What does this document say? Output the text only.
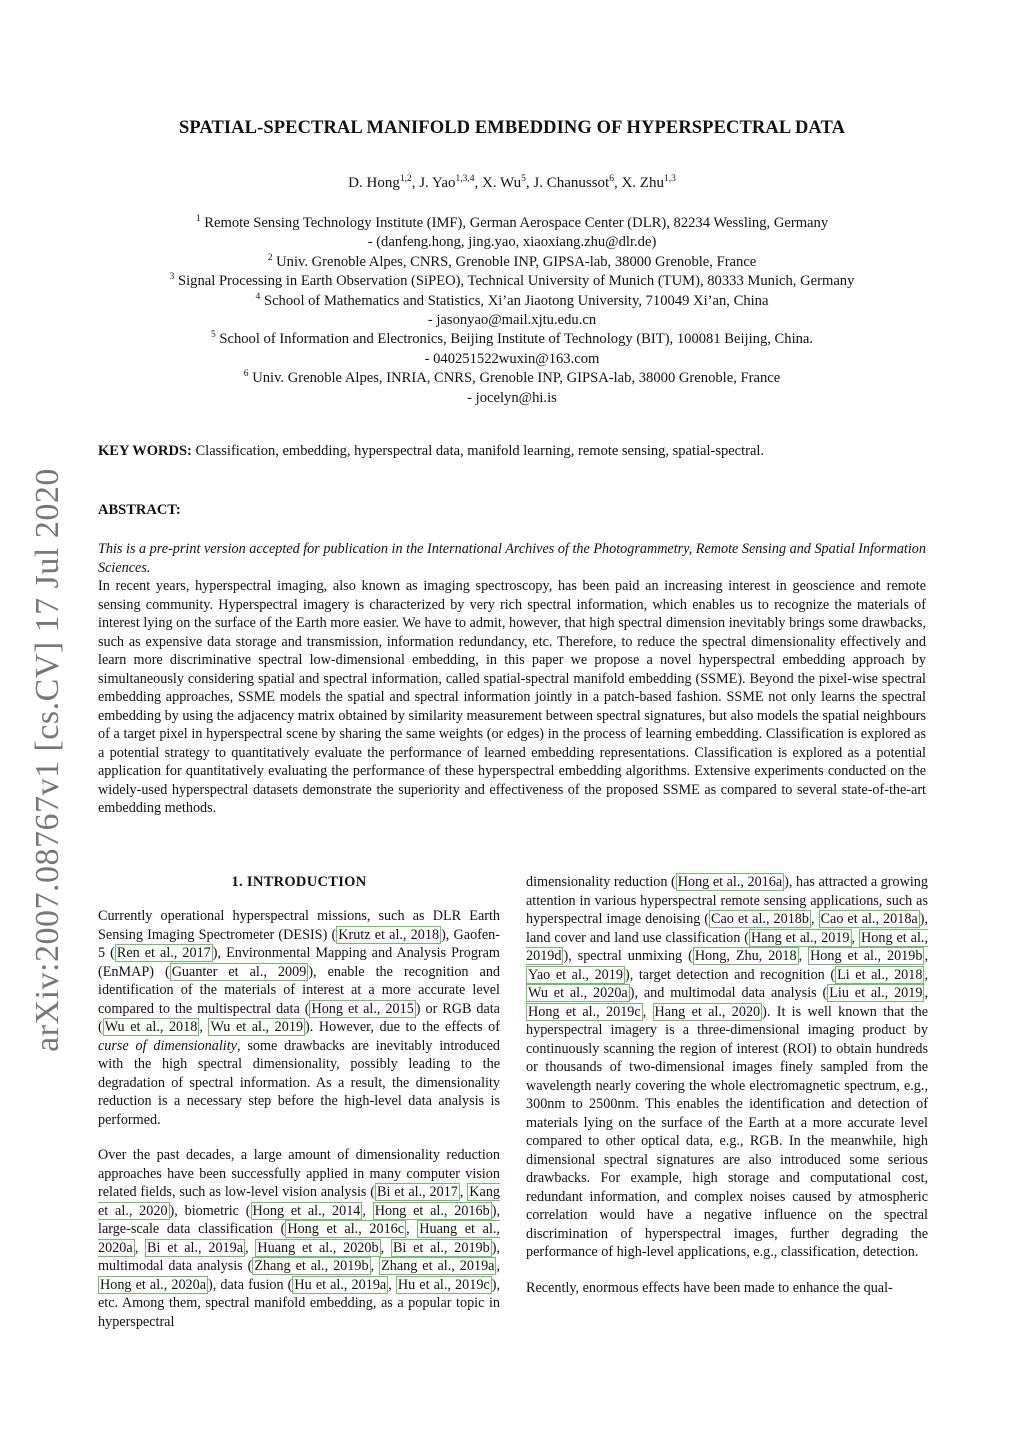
arXiv:2007.08767v1 [cs.CV] 17 Jul 2020
SPATIAL-SPECTRAL MANIFOLD EMBEDDING OF HYPERSPECTRAL DATA
D. Hong$^{1,2}$, J. Yao$^{1,3,4}$, X. Wu$^5$, J. Chanussot$^6$, X. Zhu$^{1,3}$
$^1$ Remote Sensing Technology Institute (IMF), German Aerospace Center (DLR), 82234 Wessling, Germany
- (danfeng.hong, jing.yao, xiaoxiang.zhu@dlr.de)
$^2$ Univ. Grenoble Alpes, CNRS, Grenoble INP, GIPSA-lab, 38000 Grenoble, France
$^3$ Signal Processing in Earth Observation (SiPEO), Technical University of Munich (TUM), 80333 Munich, Germany
$^4$ School of Mathematics and Statistics, Xi’an Jiaotong University, 710049 Xi’an, China
- jasonyao@mail.xjtu.edu.cn
$^5$ School of Information and Electronics, Beijing Institute of Technology (BIT), 100081 Beijing, China.
- 040251522wuxin@163.com
$^6$ Univ. Grenoble Alpes, INRIA, CNRS, Grenoble INP, GIPSA-lab, 38000 Grenoble, France
- jocelyn@hi.is
KEY WORDS: Classification, embedding, hyperspectral data, manifold learning, remote sensing, spatial-spectral.
ABSTRACT:

This is a pre-print version accepted for publication in the International Archives of the Photogrammetry, Remote Sensing and Spatial Information Sciences.

In recent years, hyperspectral imaging, also known as imaging spectroscopy, has been paid an increasing interest in geoscience and remote sensing community. Hyperspectral imagery is characterized by very rich spectral information, which enables us to recognize the materials of interest lying on the surface of the Earth more easier. We have to admit, however, that high spectral dimension inevitably brings some drawbacks, such as expensive data storage and transmission, information redundancy, etc. Therefore, to reduce the spectral dimensionality effectively and learn more discriminative spectral low-dimensional embedding, in this paper we propose a novel hyperspectral embedding approach by simultaneously considering spatial and spectral information, called spatial-spectral manifold embedding (SSME). Beyond the pixel-wise spectral embedding approaches, SSME models the spatial and spectral information jointly in a patch-based fashion. SSME not only learns the spectral embedding by using the adjacency matrix obtained by similarity measurement between spectral signatures, but also models the spatial neighbours of a target pixel in hyperspectral scene by sharing the same weights (or edges) in the process of learning embedding. Classification is explored as a potential strategy to quantitatively evaluate the performance of learned embedding representations. Classification is explored as a potential application for quantitatively evaluating the performance of these hyperspectral embedding algorithms. Extensive experiments conducted on the widely-used hyperspectral datasets demonstrate the superiority and effectiveness of the proposed SSME as compared to several state-of-the-art embedding methods.

1. INTRODUCTION

Currently operational hyperspectral missions, such as DLR Earth Sensing Imaging Spectrometer (DESIS) ( Krutz et al., 2018 ), Gaofen-5 ( Ren et al., 2017 ), Environmental Mapping and Analysis Program (EnMAP) ( Guanter et al., 2009 ), enable the recognition and identification of the materials of interest at a more accurate level compared to the multispectral data ( Hong et al., 2015 ) or RGB data ( Wu et al., 2018 , Wu et al., 2019 ). However, due to the effects of curse of dimensionality, some drawbacks are inevitably introduced with the high spectral dimensionality, possibly leading to the degradation of spectral information. As a result, the dimensionality reduction is a necessary step before the high-level data analysis is performed.

Over the past decades, a large amount of dimensionality reduction approaches have been successfully applied in many computer vision related fields, such as low-level vision analysis ( Bi et al., 2017 , Kang et al., 2020 ), biometric ( Hong et al., 2014 , Hong et al., 2016b ), large-scale data classification ( Hong et al., 2016c , Huang et al., 2020a , Bi et al., 2019a , Huang et al., 2020b , Bi et al., 2019b ), multimodal data analysis ( Zhang et al., 2019b , Zhang et al., 2019a , Hong et al., 2020a ), data fusion ( Hu et al., 2019a , Hu et al., 2019c ), etc. Among them, spectral manifold embedding, as a popular topic in hyperspectral

dimensionality reduction ( Hong et al., 2016a ), has attracted a growing attention in various hyperspectral remote sensing applications, such as hyperspectral image denoising ( Cao et al., 2018b , Cao et al., 2018a ), land cover and land use classification ( Hang et al., 2019 , Hong et al., 2019d ), spectral unmixing ( Hong, Zhu, 2018 , Hong et al., 2019b , Yao et al., 2019 ), target detection and recognition ( Li et al., 2018 , Wu et al., 2020a ), and multimodal data analysis ( Liu et al., 2019 , Hong et al., 2019c , Hang et al., 2020 ). It is well known that the hyperspectral imagery is a three-dimensional imaging product by continuously scanning the region of interest (ROI) to obtain hundreds or thousands of two-dimensional images finely sampled from the wavelength nearly covering the whole electromagnetic spectrum, e.g., 300nm to 2500nm. This enables the identification and detection of materials lying on the surface of the Earth at a more accurate level compared to other optical data, e.g., RGB. In the meanwhile, high dimensional spectral signatures are also introduced some serious drawbacks. For example, high storage and computational cost, redundant information, and complex noises caused by atmospheric correlation would have a negative influence on the spectral discrimination of hyperspectral images, further degrading the performance of high-level applications, e.g., classification, detection.

Recently, enormous effects have been made to enhance the qual-
